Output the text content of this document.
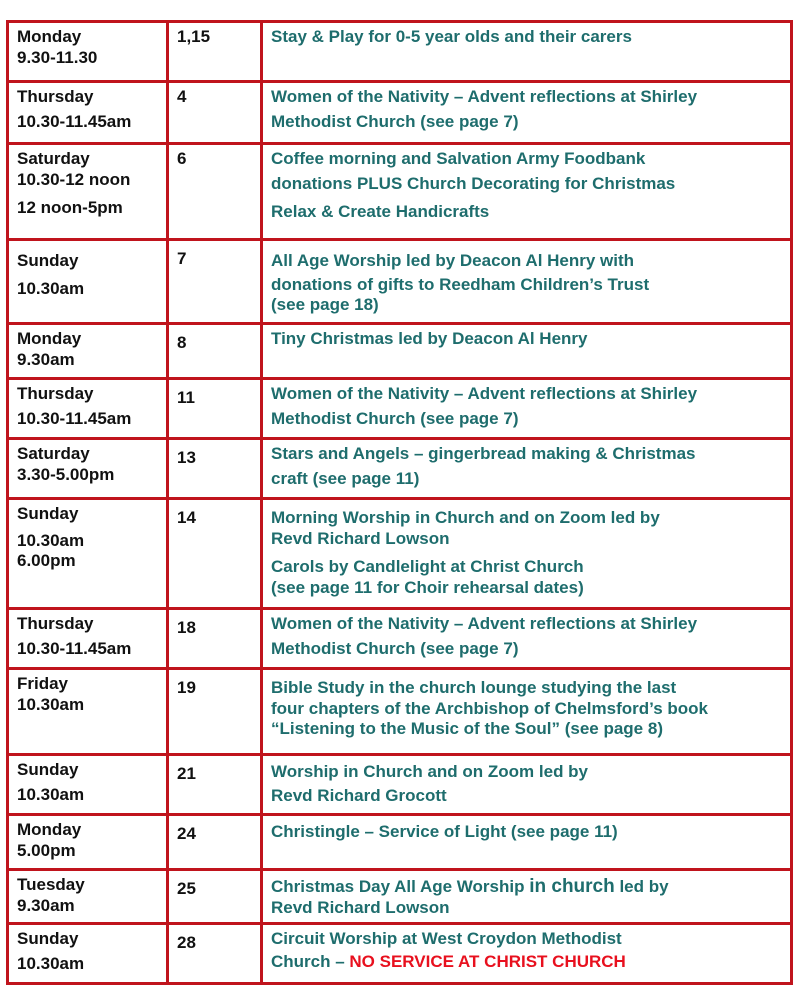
Monday
9.30-11.30	1,15	Stay & Play for 0-5 year olds and their carers

Thursday
10.30-11.45am	4	Women of the Nativity – Advent reflections at Shirley
Methodist Church (see page 7)

Saturday
10.30-12 noon
12 noon-5pm	6	Coffee morning and Salvation Army Foodbank
donations PLUS Church Decorating for Christmas
Relax & Create Handicrafts

Sunday
10.30am	7	All Age Worship led by Deacon Al Henry with
donations of gifts to Reedham Children’s Trust
(see page 18)

Monday
9.30am	8	Tiny Christmas led by Deacon Al Henry

Thursday
10.30-11.45am	11	Women of the Nativity – Advent reflections at Shirley
Methodist Church (see page 7)

Saturday
3.30-5.00pm	13	Stars and Angels – gingerbread making & Christmas
craft (see page 11)

Sunday
10.30am
6.00pm	14	Morning Worship in Church and on Zoom led by
Revd Richard Lowson
Carols by Candlelight at Christ Church
(see page 11 for Choir rehearsal dates)

Thursday
10.30-11.45am	18	Women of the Nativity – Advent reflections at Shirley
Methodist Church (see page 7)

Friday
10.30am	19	Bible Study in the church lounge studying the last
four chapters of the Archbishop of Chelmsford’s book
“Listening to the Music of the Soul” (see page 8)

Sunday
10.30am	21	Worship in Church and on Zoom led by
Revd Richard Grocott

Monday
5.00pm	24	Christingle – Service of Light (see page 11)

Tuesday
9.30am	25	Christmas Day All Age Worship in church led by
Revd Richard Lowson

Sunday
10.30am	28	Circuit Worship at West Croydon Methodist
Church – NO SERVICE AT CHRIST CHURCH
